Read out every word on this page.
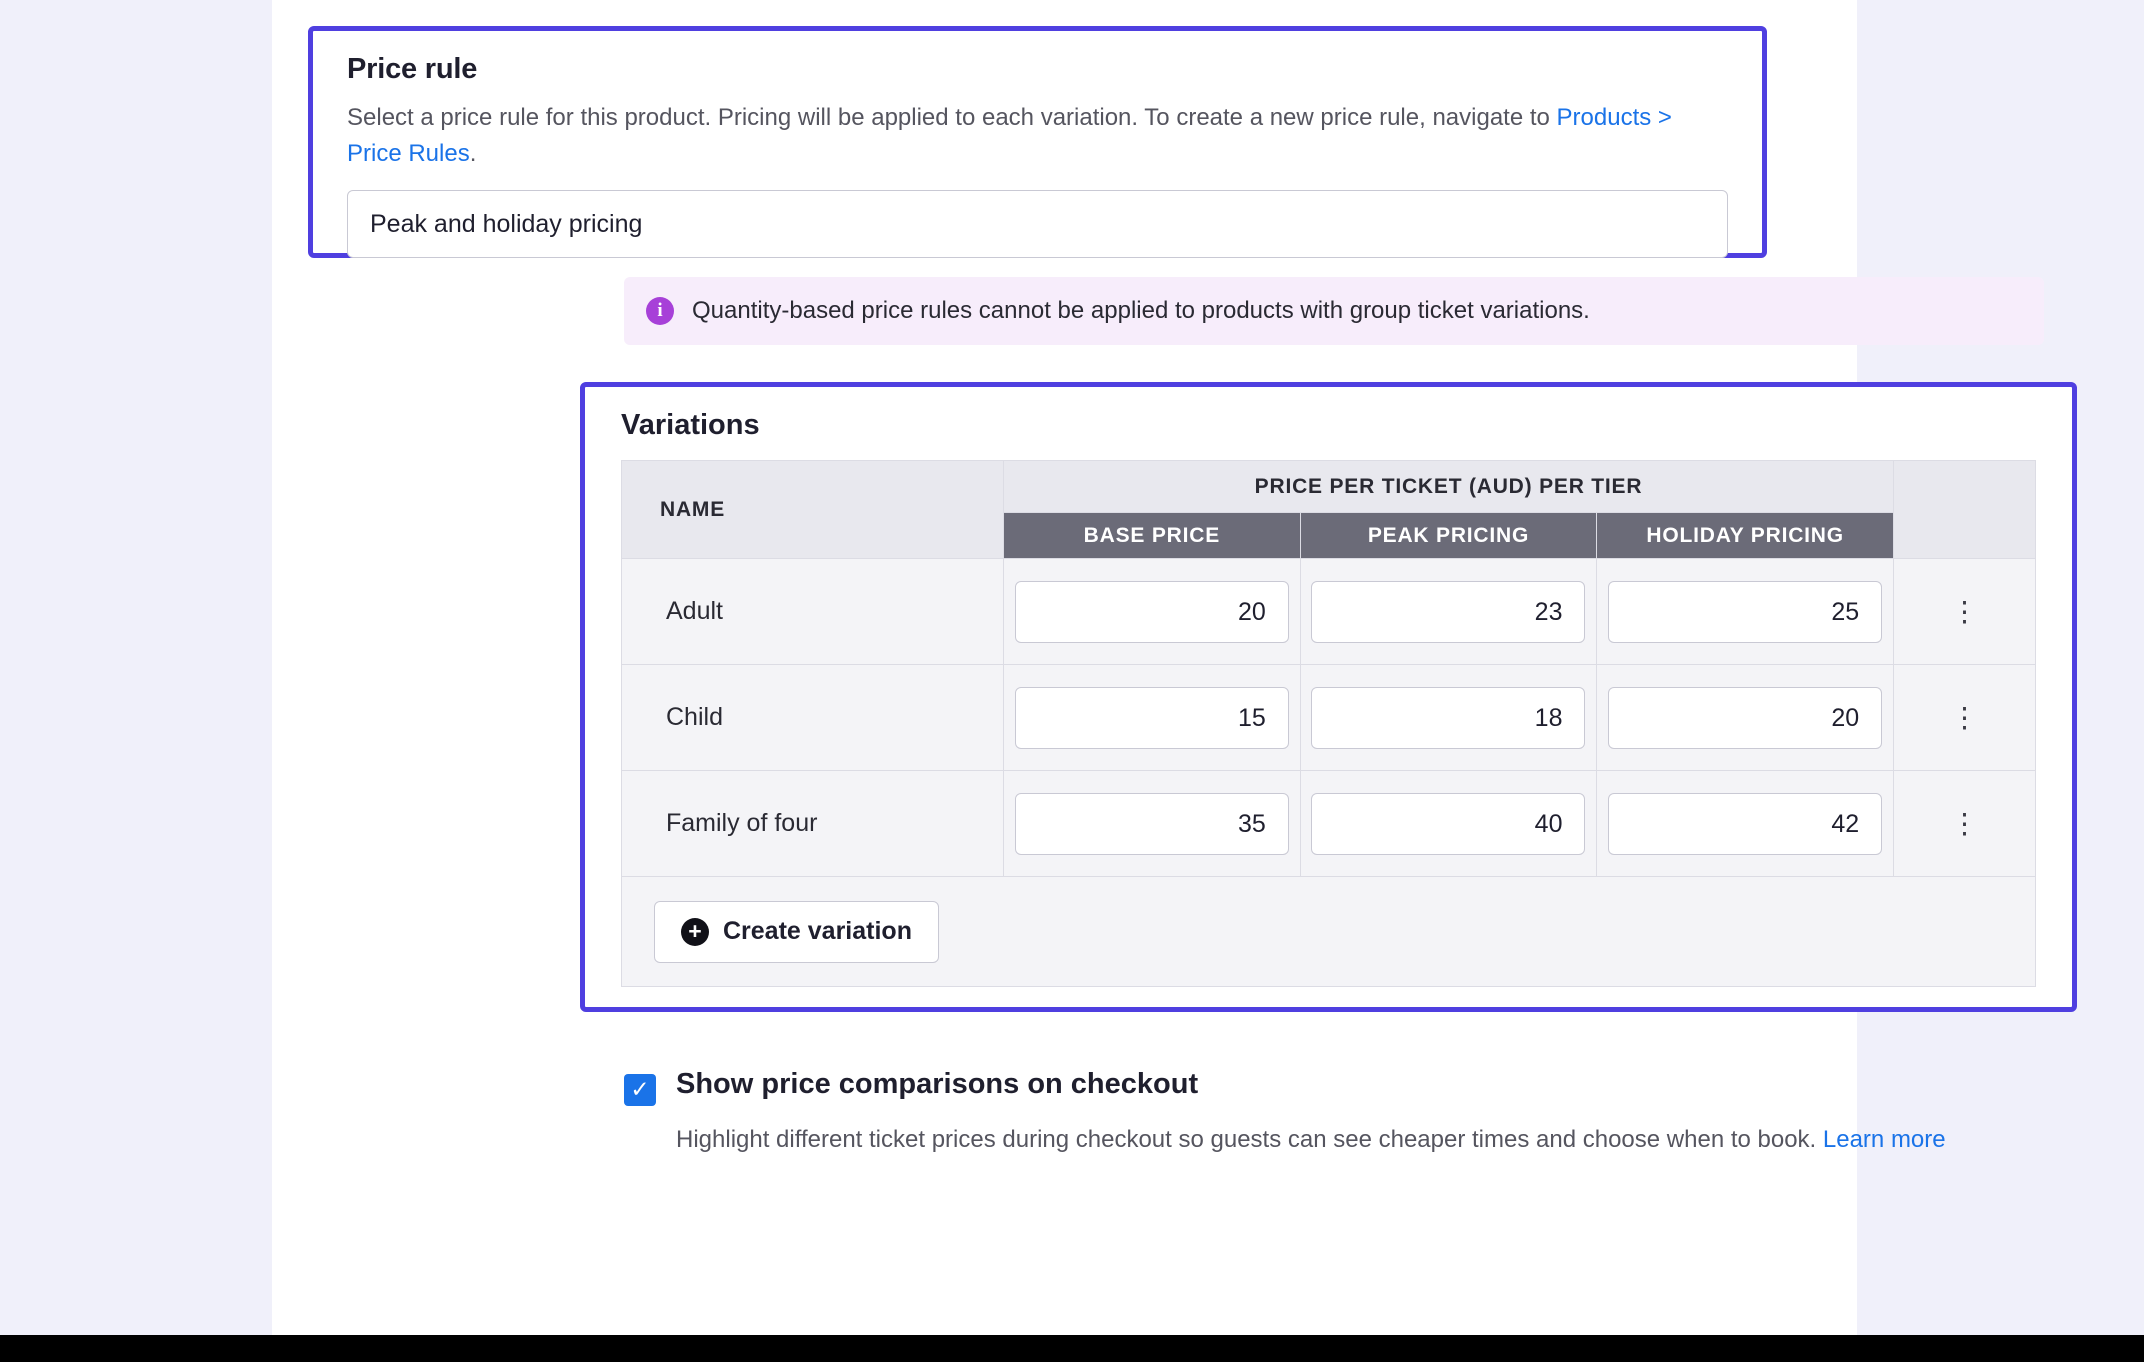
Price rule

Select a price rule for this product. Pricing will be applied to each variation. To create a new price rule, navigate to Products > Price Rules.

Peak and holiday pricing
i	Quantity-based price rules cannot be applied to products with group ticket variations.
Variations
NAME	PRICE PER TICKET (AUD) PER TIER			
	BASE PRICE	PEAK PRICING	HOLIDAY PRICING	
Adult	20	23	25	⋮
Child	15	18	20	⋮
Family of four	35	40	42	⋮

+ Create variation				
✓ Show price comparisons on checkout

Highlight different ticket prices during checkout so guests can see cheaper times and choose when to book. Learn more
